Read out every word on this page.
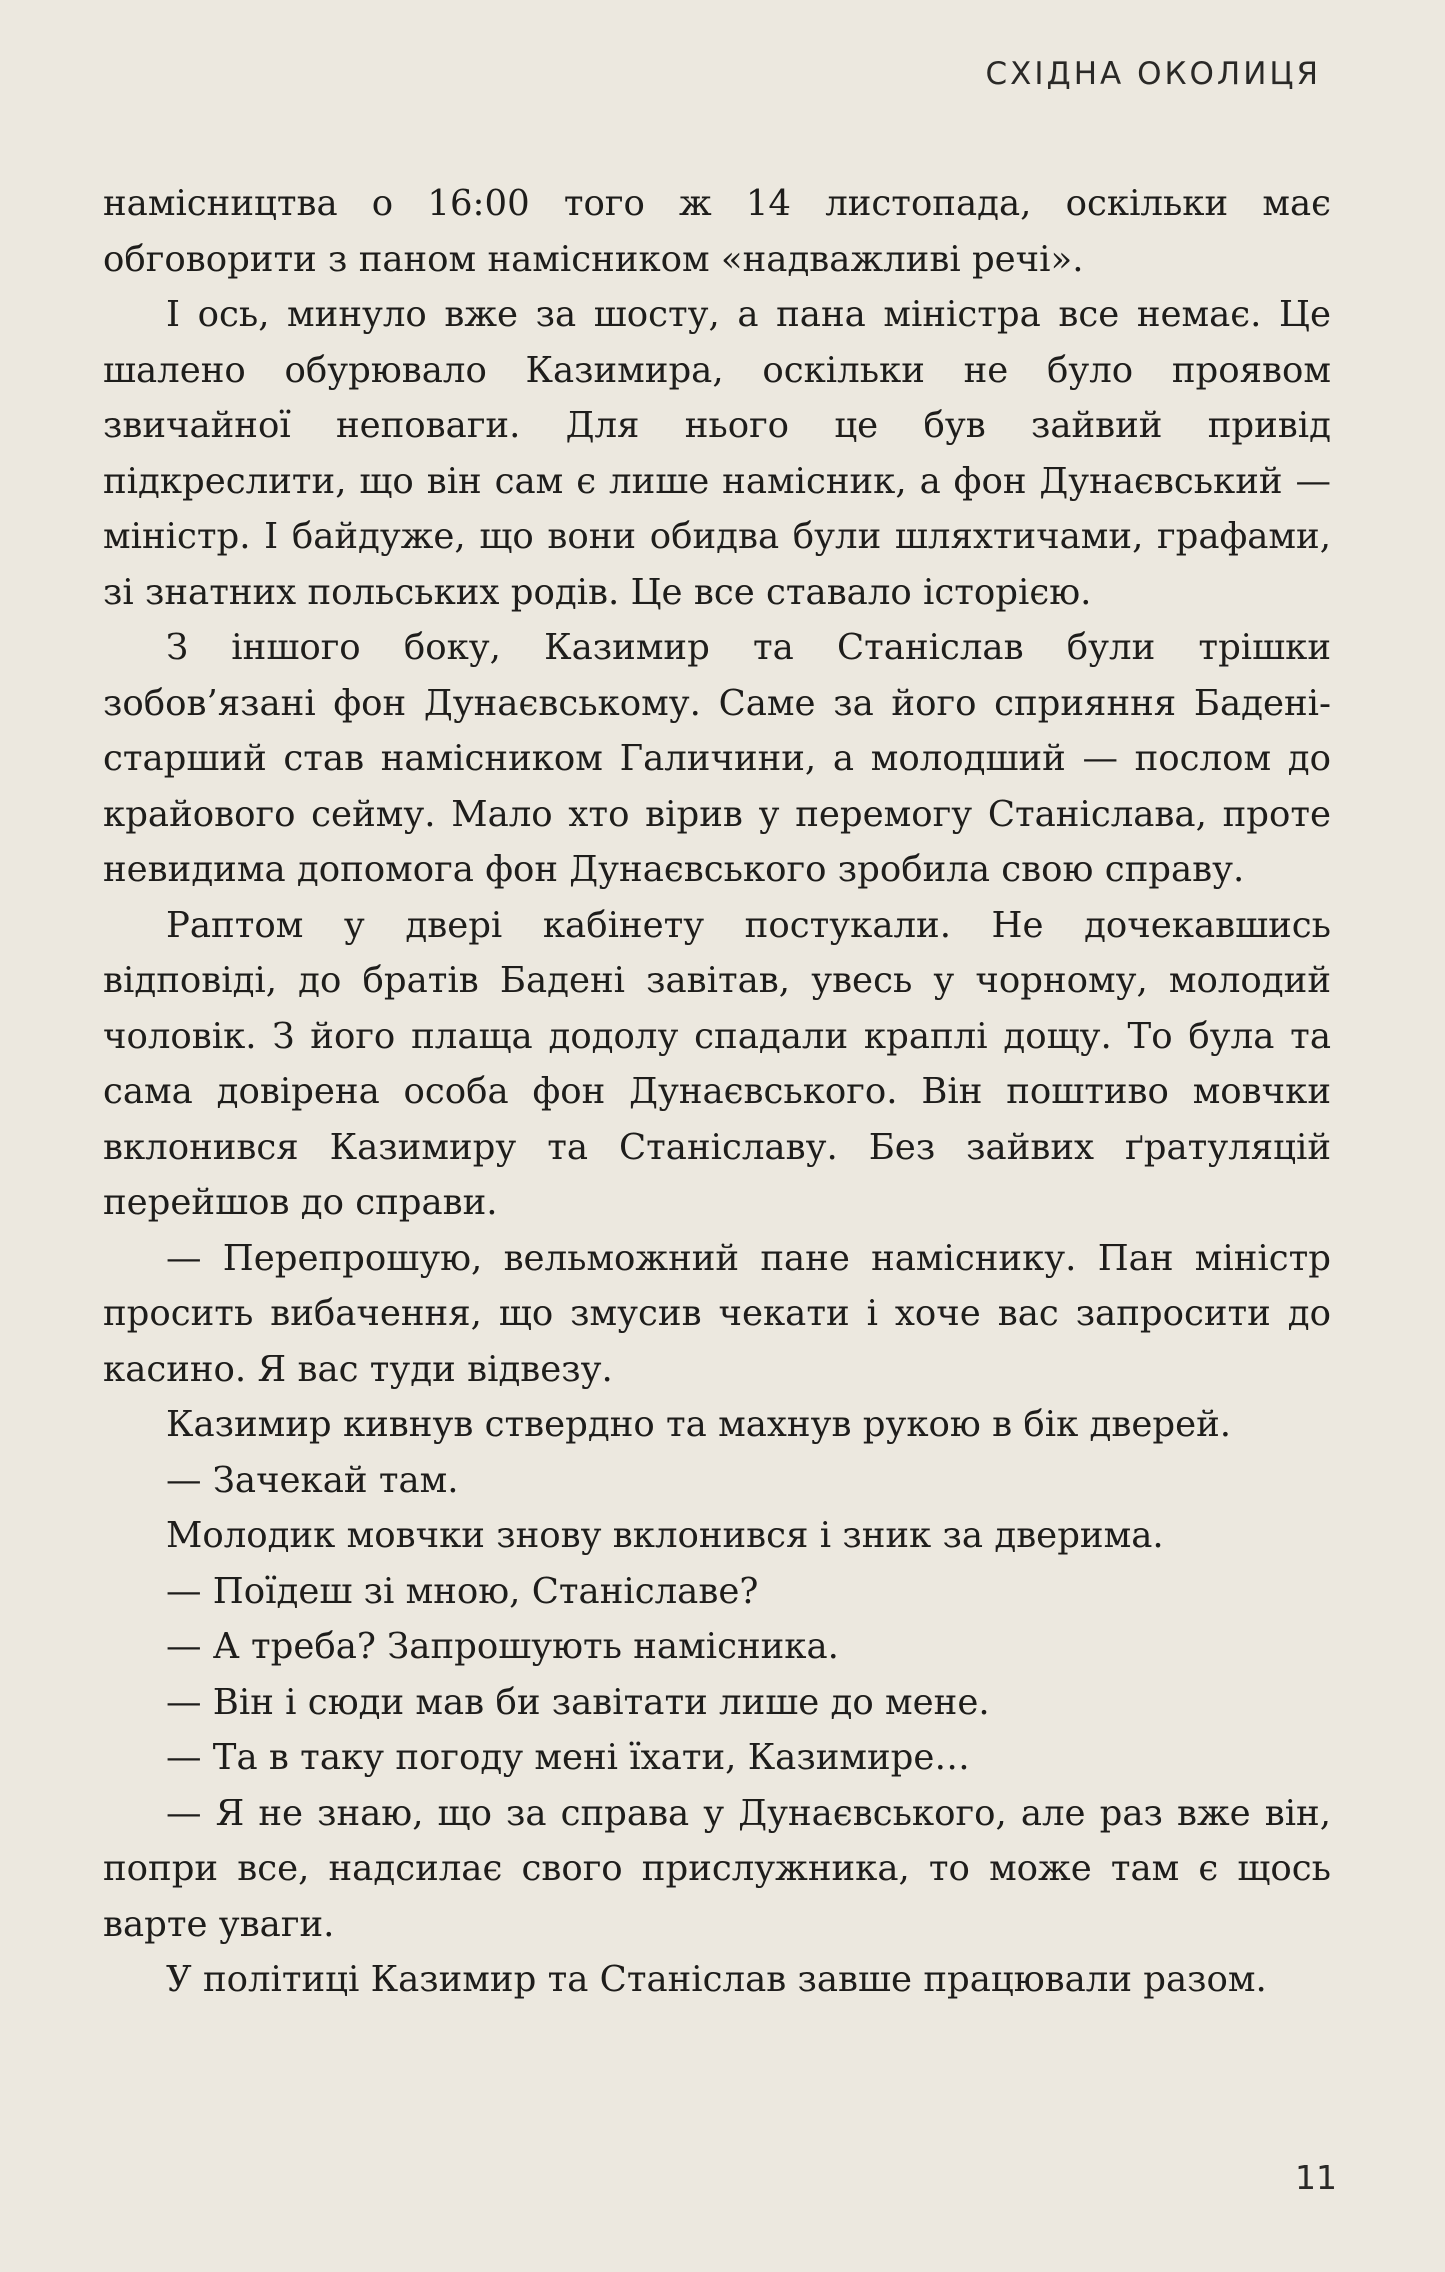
СХІДНА ОКОЛИЦЯ

намісництва о 16:00 того ж 14 листопада, оскільки має обговорити з паном намісником «надважливі речі».

І ось, минуло вже за шосту, а пана міністра все немає. Це шалено обурювало Казимира, оскільки не було проявом звичайної неповаги. Для нього це був зайвий привід підкреслити, що він сам є лише намісник, а фон Дунаєвський — міністр. І байдуже, що вони обидва були шляхтичами, графами, зі знатних польських родів. Це все ставало історією.

З іншого боку, Казимир та Станіслав були трішки зобов’язані фон Дунаєвському. Саме за його сприяння Бадені-старший став намісником Галичини, а молодший — послом до крайового сейму. Мало хто вірив у перемогу Станіслава, проте невидима допомога фон Дунаєвського зробила свою справу.

Раптом у двері кабінету постукали. Не дочекавшись відповіді, до братів Бадені завітав, увесь у чорному, молодий чоловік. З його плаща додолу спадали краплі дощу. То була та сама довірена особа фон Дунаєвського. Він поштиво мовчки вклонився Казимиру та Станіславу. Без зайвих ґратуляцій перейшов до справи.

— Перепрошую, вельможний пане наміснику. Пан міністр просить вибачення, що змусив чекати і хоче вас запросити до касино. Я вас туди відвезу.

Казимир кивнув ствердно та махнув рукою в бік дверей.

— Зачекай там.

Молодик мовчки знову вклонився і зник за дверима.

— Поїдеш зі мною, Станіславе?

— А треба? Запрошують намісника.

— Він і сюди мав би завітати лише до мене.

— Та в таку погоду мені їхати, Казимире…

— Я не знаю, що за справа у Дунаєвського, але раз вже він, попри все, надсилає свого прислужника, то може там є щось варте уваги.

У політиці Казимир та Станіслав завше працювали разом.

11
